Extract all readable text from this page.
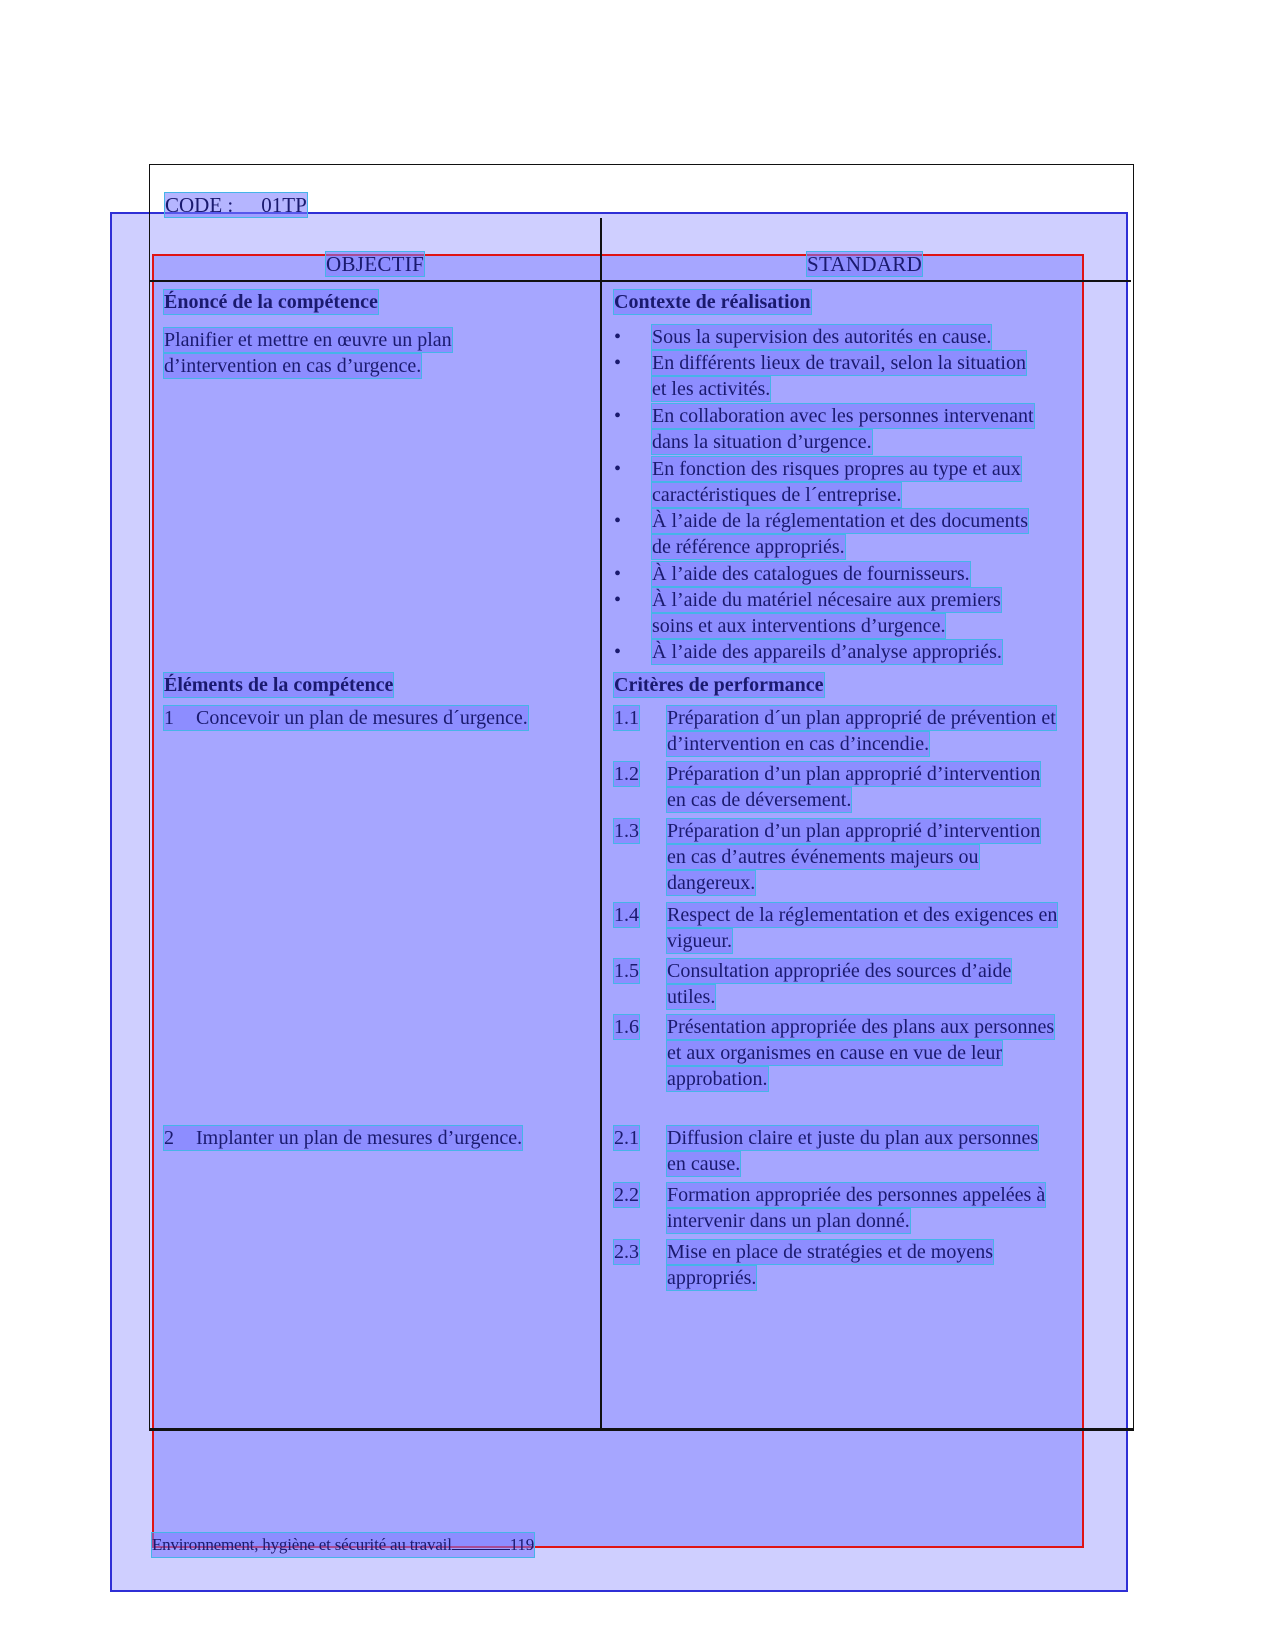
CODE : 01TP
OBJECTIF	STANDARD
Énoncé de la compétence
Planifier et mettre en œuvre un plan
d’intervention en cas d’urgence.
Contexte de réalisation
• Sous la supervision des autorités en cause.
• En différents lieux de travail, selon la situation
et les activités.
• En collaboration avec les personnes intervenant
dans la situation d’urgence.
• En fonction des risques propres au type et aux
caractéristiques de l´entreprise.
• À l’aide de la réglementation et des documents
de référence appropriés.
• À l’aide des catalogues de fournisseurs.
• À l’aide du matériel nécesaire aux premiers
soins et aux interventions d’urgence.
• À l’aide des appareils d’analyse appropriés.
Éléments de la compétence
1 Concevoir un plan de mesures d´urgence.
2 Implanter un plan de mesures d’urgence.
Critères de performance
1.1 Préparation d´un plan approprié de prévention et
d’intervention en cas d’incendie.
1.2 Préparation d’un plan approprié d’intervention
en cas de déversement.
1.3 Préparation d’un plan approprié d’intervention
en cas d’autres événements majeurs ou
dangereux.
1.4 Respect de la réglementation et des exigences en
vigueur.
1.5 Consultation appropriée des sources d’aide
utiles.
1.6 Présentation appropriée des plans aux personnes
et aux organismes en cause en vue de leur
approbation.
2.1 Diffusion claire et juste du plan aux personnes
en cause.
2.2 Formation appropriée des personnes appelées à
intervenir dans un plan donné.
2.3 Mise en place de stratégies et de moyens
appropriés.
Environnement, hygiène et sécurité au travail	119
